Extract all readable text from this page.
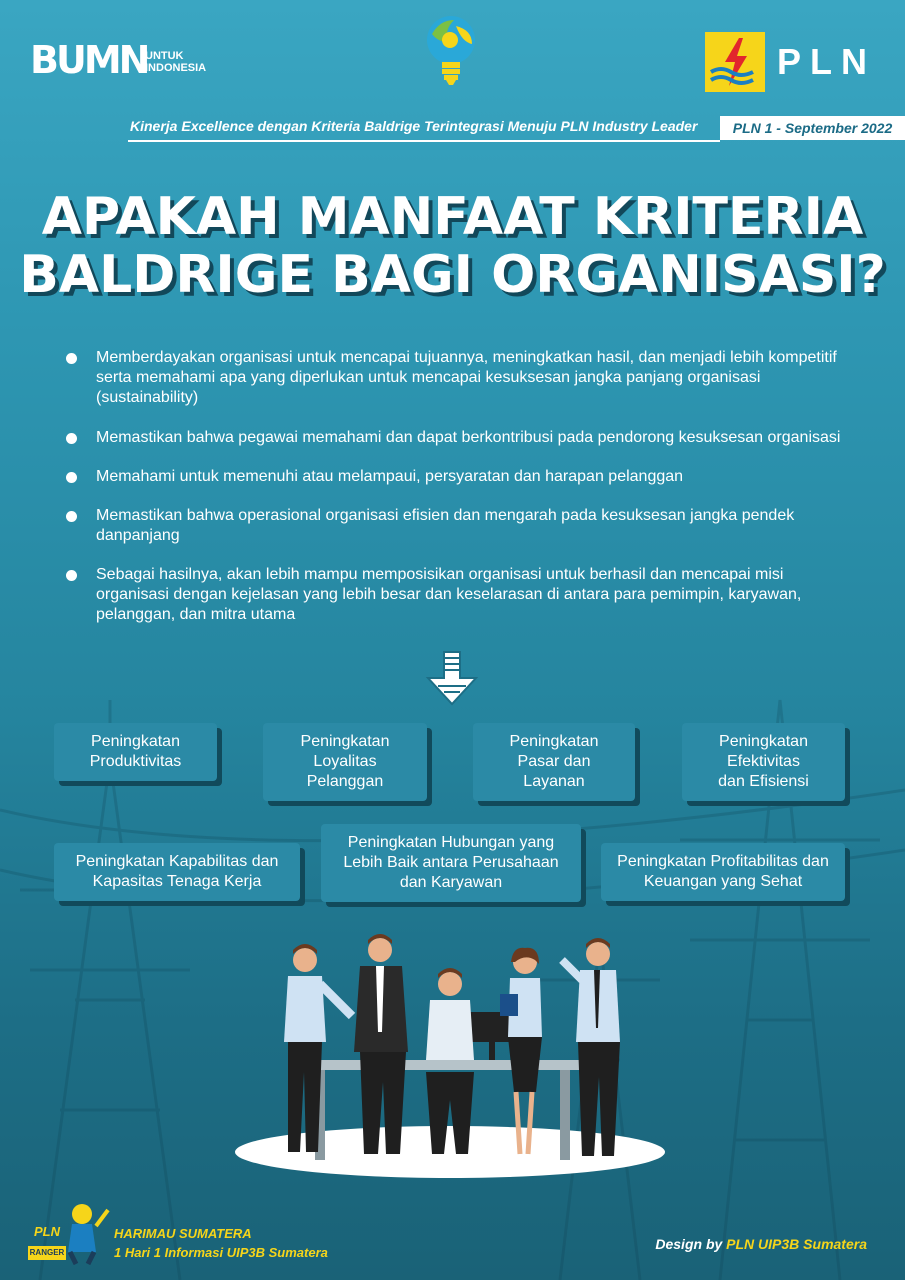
BUMN
UNTUK
INDONESIA	PLN
Kinerja Excellence dengan Kriteria Baldrige Terintegrasi Menuju PLN Industry Leader	PLN 1 - September 2022
APAKAH MANFAAT KRITERIA
BALDRIGE BAGI ORGANISASI?
Memberdayakan organisasi untuk mencapai tujuannya, meningkatkan hasil, dan menjadi lebih kompetitif serta memahami apa yang diperlukan untuk mencapai kesuksesan jangka panjang organisasi (sustainability)
Memastikan bahwa pegawai memahami dan dapat berkontribusi pada pendorong kesuksesan organisasi
Memahami untuk memenuhi atau melampaui, persyaratan dan harapan pelanggan
Memastikan bahwa operasional organisasi efisien dan mengarah pada kesuksesan jangka pendek danpanjang
Sebagai hasilnya, akan lebih mampu memposisikan organisasi untuk berhasil dan mencapai misi organisasi dengan kejelasan yang lebih besar dan keselarasan di antara para pemimpin, karyawan, pelanggan, dan mitra utama
Peningkatan
Produktivitas
Peningkatan
Loyalitas
Pelanggan
Peningkatan
Pasar dan
Layanan
Peningkatan
Efektivitas
dan Efisiensi
Peningkatan Kapabilitas dan
Kapasitas Tenaga Kerja
Peningkatan Hubungan yang
Lebih Baik antara Perusahaan
dan Karyawan
Peningkatan Profitabilitas dan
Keuangan yang Sehat
PLN
RANGER
HARIMAU SUMATERA
1 Hari 1 Informasi UIP3B Sumatera
Design by PLN UIP3B Sumatera
